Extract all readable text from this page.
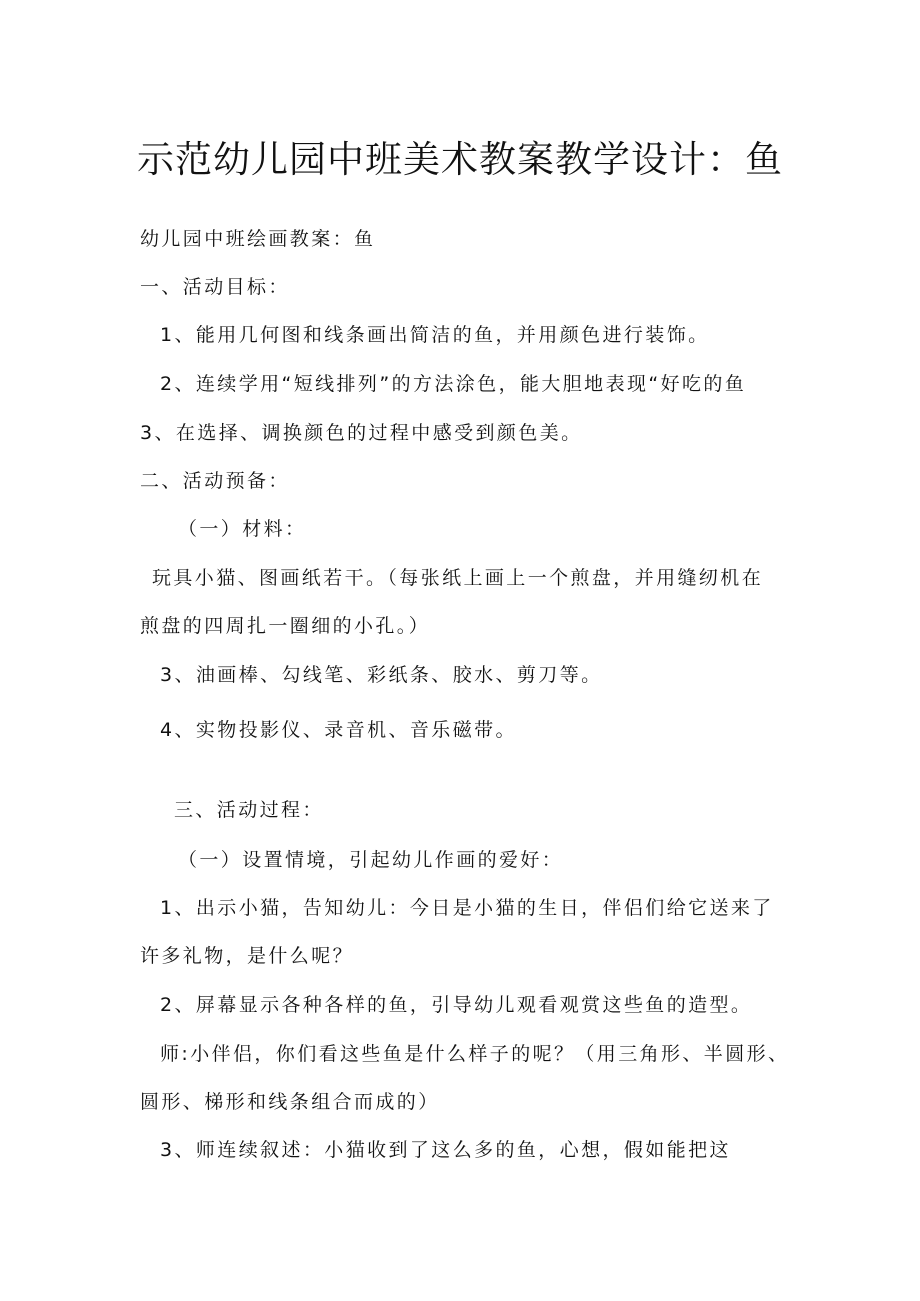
示范幼儿园中班美术教案教学设计：鱼
幼儿园中班绘画教案：鱼
一、活动目标：
1、能用几何图和线条画出简洁的鱼，并用颜色进行装饰。
2、连续学用“短线排列”的方法涂色，能大胆地表现“好吃的鱼
3、在选择、调换颜色的过程中感受到颜色美。
二、活动预备：
（一）材料：
玩具小猫、图画纸若干。（每张纸上画上一个煎盘，并用缝纫机在
煎盘的四周扎一圈细的小孔。）
3、油画棒、勾线笔、彩纸条、胶水、剪刀等。
4、实物投影仪、录音机、音乐磁带。
三、活动过程：
（一）设置情境，引起幼儿作画的爱好：
1、出示小猫，告知幼儿：今日是小猫的生日，伴侣们给它送来了
许多礼物，是什么呢？
2、屏幕显示各种各样的鱼，引导幼儿观看观赏这些鱼的造型。
师:小伴侣，你们看这些鱼是什么样子的呢？（用三角形、半圆形、
圆形、梯形和线条组合而成的）
3、师连续叙述：小猫收到了这么多的鱼，心想，假如能把这
